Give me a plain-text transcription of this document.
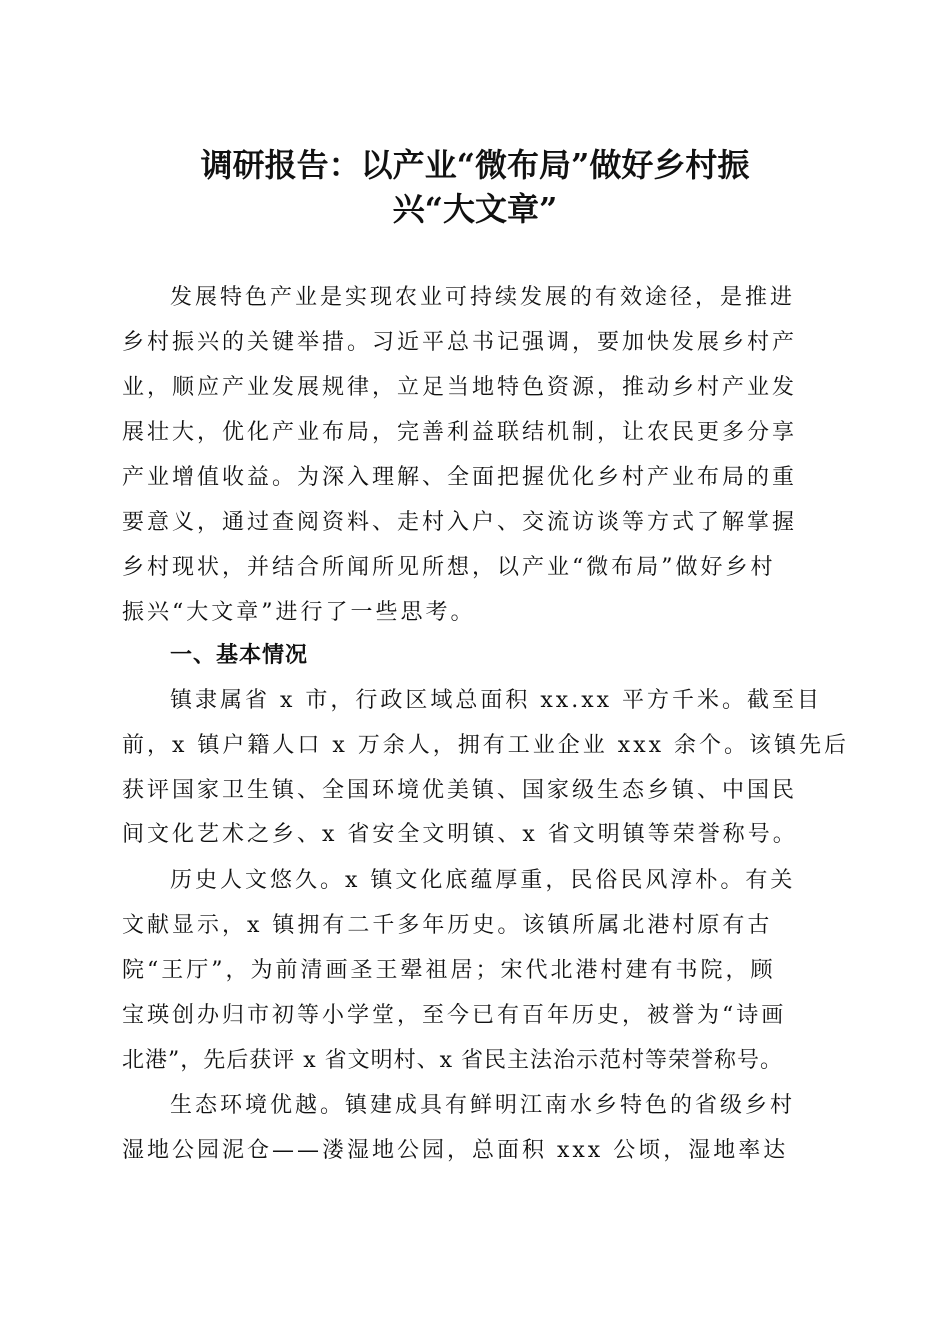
调研报告：以产业“微布局”做好乡村振
兴“大文章”
发展特色产业是实现农业可持续发展的有效途径，是推进
乡村振兴的关键举措。习近平总书记强调，要加快发展乡村产
业，顺应产业发展规律，立足当地特色资源，推动乡村产业发
展壮大，优化产业布局，完善利益联结机制，让农民更多分享
产业增值收益。为深入理解、全面把握优化乡村产业布局的重
要意义，通过查阅资料、走村入户、交流访谈等方式了解掌握
乡村现状，并结合所闻所见所想，以产业“微布局”做好乡村
振兴“大文章”进行了一些思考。
一、基本情况
镇隶属省 x 市，行政区域总面积 xx.xx 平方千米。截至目
前，x 镇户籍人口 x 万余人，拥有工业企业 xxx 余个。该镇先后
获评国家卫生镇、全国环境优美镇、国家级生态乡镇、中国民
间文化艺术之乡、x 省安全文明镇、x 省文明镇等荣誉称号。
历史人文悠久。x 镇文化底蕴厚重，民俗民风淳朴。有关
文献显示，x 镇拥有二千多年历史。该镇所属北港村原有古
院“王厅”，为前清画圣王翚祖居；宋代北港村建有书院，顾
宝瑛创办归市初等小学堂，至今已有百年历史，被誉为“诗画
北港”，先后获评 x 省文明村、x 省民主法治示范村等荣誉称号。
生态环境优越。镇建成具有鲜明江南水乡特色的省级乡村
湿地公园泥仓——溇湿地公园，总面积 xxx 公顷，湿地率达
